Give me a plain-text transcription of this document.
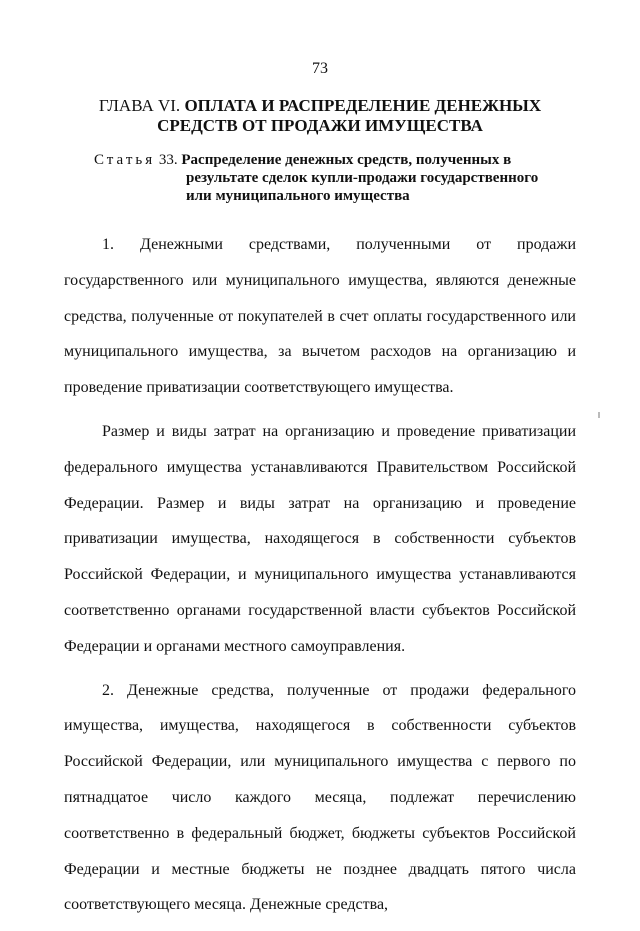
73
ГЛАВА VI. ОПЛАТА И РАСПРЕДЕЛЕНИЕ ДЕНЕЖНЫХ
СРЕДСТВ ОТ ПРОДАЖИ ИМУЩЕСТВА
Статья 33. Распределение денежных средств, полученных в
результате сделок купли-продажи государственного
или муниципального имущества

1. Денежными средствами, полученными от продажи государственного или муниципального имущества, являются денежные средства, полученные от покупателей в счет оплаты государственного или муниципального имущества, за вычетом расходов на организацию и проведение приватизации соответствующего имущества.

Размер и виды затрат на организацию и проведение приватизации федерального имущества устанавливаются Правительством Российской Федерации. Размер и виды затрат на организацию и проведение приватизации имущества, находящегося в собственности субъектов Российской Федерации, и муниципального имущества устанавливаются соответственно органами государственной власти субъектов Российской Федерации и органами местного самоуправления.

2. Денежные средства, полученные от продажи федерального имущества, имущества, находящегося в собственности субъектов Российской Федерации, или муниципального имущества с первого по пятнадцатое число каждого месяца, подлежат перечислению соответственно в федеральный бюджет, бюджеты субъектов Российской Федерации и местные бюджеты не позднее двадцать пятого числа соответствующего месяца. Денежные средства,
